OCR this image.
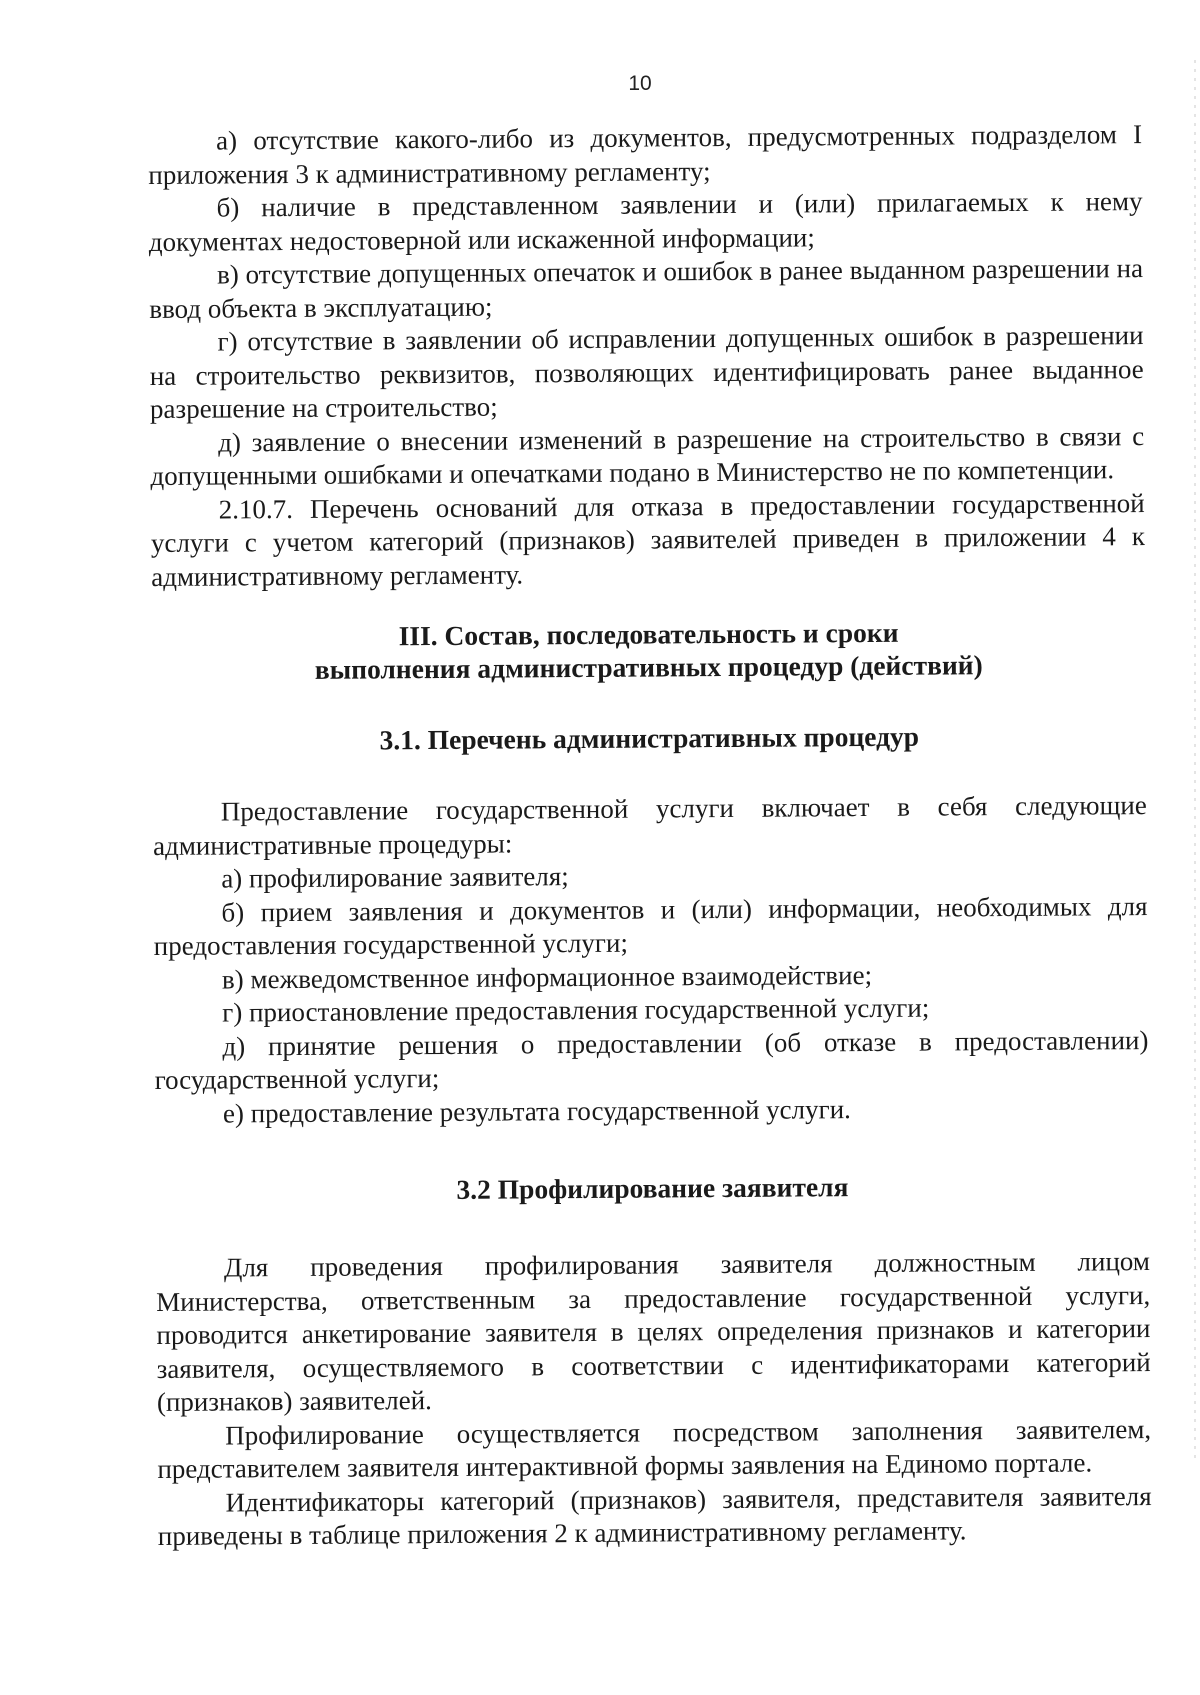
10

а) отсутствие какого-либо из документов, предусмотренных подразделом I приложения 3 к административному регламенту;

б) наличие в представленном заявлении и (или) прилагаемых к нему документах недостоверной или искаженной информации;

в) отсутствие допущенных опечаток и ошибок в ранее выданном разрешении на ввод объекта в эксплуатацию;

г) отсутствие в заявлении об исправлении допущенных ошибок в разрешении на строительство реквизитов, позволяющих идентифицировать ранее выданное разрешение на строительство;

д) заявление о внесении изменений в разрешение на строительство в связи с допущенными ошибками и опечатками подано в Министерство не по компетенции.

2.10.7. Перечень оснований для отказа в предоставлении государственной услуги с учетом категорий (признаков) заявителей приведен в приложении 4 к административному регламенту.

III. Состав, последовательность и сроки
выполнения административных процедур (действий)
3.1. Перечень административных процедур

Предоставление государственной услуги включает в себя следующие административные процедуры:

а) профилирование заявителя;

б) прием заявления и документов и (или) информации, необходимых для предоставления государственной услуги;

в) межведомственное информационное взаимодействие;

г) приостановление предоставления государственной услуги;

д) принятие решения о предоставлении (об отказе в предоставлении) государственной услуги;

е) предоставление результата государственной услуги.

3.2 Профилирование заявителя

Для проведения профилирования заявителя должностным лицом Министерства, ответственным за предоставление государственной услуги, проводится анкетирование заявителя в целях определения признаков и категории заявителя, осуществляемого в соответствии с идентификаторами категорий (признаков) заявителей.

Профилирование осуществляется посредством заполнения заявителем, представителем заявителя интерактивной формы заявления на Единомо портале.

Идентификаторы категорий (признаков) заявителя, представителя заявителя приведены в таблице приложения 2 к административному регламенту.
